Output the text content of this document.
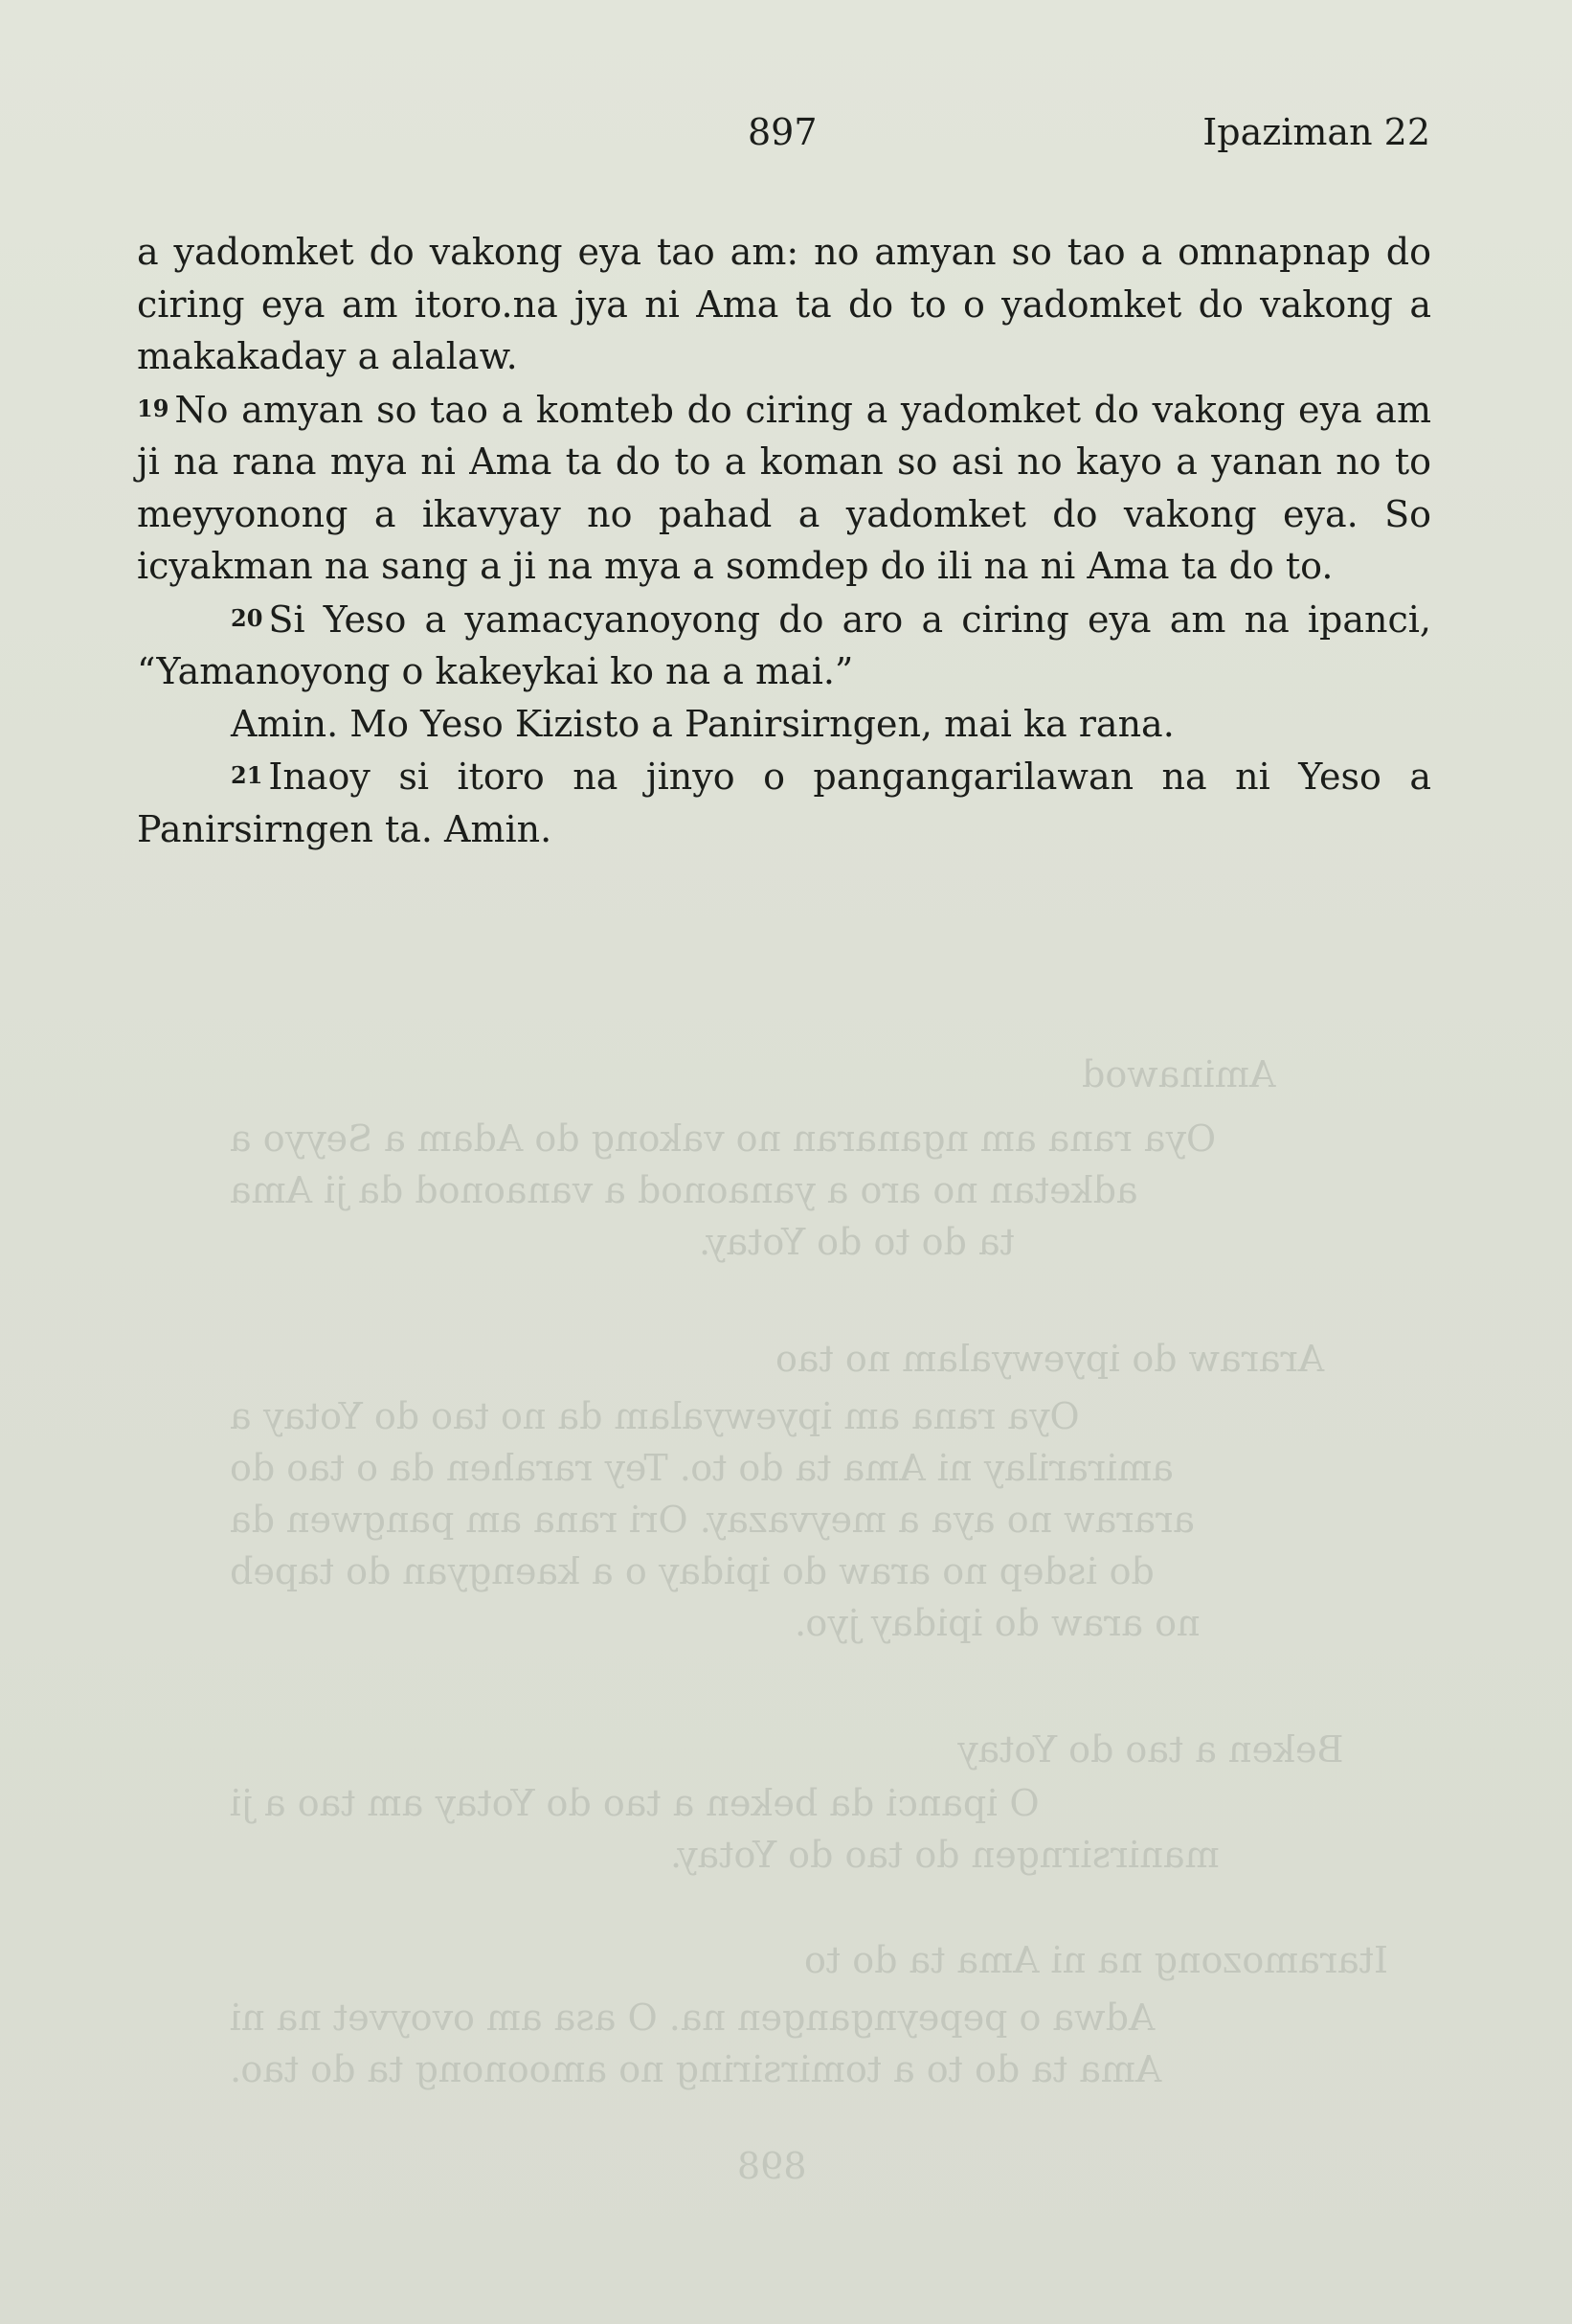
Aminawod
Oya rana am nganaran no vakong do Adam a Seyyo a
adketan no aro a yanaonod a vanaonod da ji Ama
ta do to do Yotay.
Araraw do ipyewyalam no tao
Oya rana am ipyewyalam da no tao do Yotay a
amirarilay ni Ama ta do to. Tey rarahen da o tao do
araraw no aya a meyvazay. Ori rana am pangwen da
do isdep no araw do ipiday o a kaengyan do tapeb
no araw do ipiday jyo.
Beken a tao do Yotay
O ipanci da beken a tao do Yotay am tao a ji
manirsirngen do tao do Yotay.
Itaramozong na ni Ama ta do to
Adwa o pepeyngangen na. O asa am ovoyvet na ni
Ama ta do to a tomirsiring no amoonong ta do tao.
898
897	Ipaziman 22

a yadomket do vakong eya tao am: no amyan so tao a omnapnap do ciring eya am itoro.na jya ni Ama ta do to o yadomket do vakong a makakaday a alalaw.

19 No amyan so tao a komteb do ciring a yadomket do vakong eya am ji na rana mya ni Ama ta do to a koman so asi no kayo a yanan no to meyyonong a ikavyay no pahad a yadomket do vakong eya. So icyakman na sang a ji na mya a somdep do ili na ni Ama ta do to.

20 Si Yeso a yamacyanoyong do aro a ciring eya am na ipanci, “Yamanoyong o kakeykai ko na a mai.”

Amin. Mo Yeso Kizisto a Panirsirngen, mai ka rana.

21 Inaoy si itoro na jinyo o pangangarilawan na ni Yeso a Panirsirngen ta. Amin.
